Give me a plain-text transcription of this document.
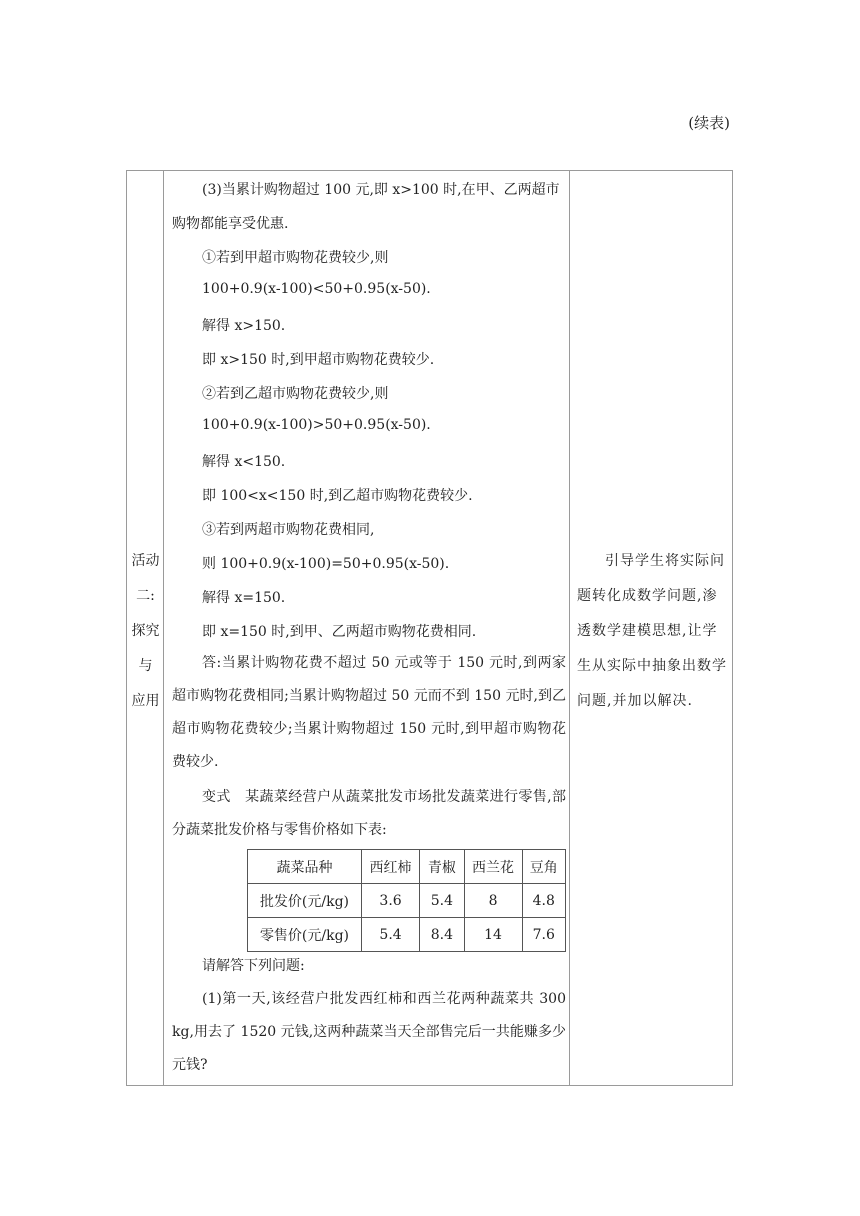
(续表)
活动
二:
探究
与
应用
(3)当累计购物超过 100 元,即 x>100 时,在甲、乙两超市
购物都能享受优惠.
①若到甲超市购物花费较少,则
100+0.9(x-100)<50+0.95(x-50).
解得 x>150.
即 x>150 时,到甲超市购物花费较少.
②若到乙超市购物花费较少,则
100+0.9(x-100)>50+0.95(x-50).
解得 x<150.
即 100<x<150 时,到乙超市购物花费较少.
③若到两超市购物花费相同,
则 100+0.9(x-100)=50+0.95(x-50).
解得 x=150.
即 x=150 时,到甲、乙两超市购物花费相同.
答:当累计购物花费不超过 50 元或等于 150 元时,到两家超市购物花费相同;当累计购物超过 50 元而不到 150 元时,到乙超市购物花费较少;当累计购物超过 150 元时,到甲超市购物花费较少.
变式　某蔬菜经营户从蔬菜批发市场批发蔬菜进行零售,部分蔬菜批发价格与零售价格如下表:
蔬菜品种	西红柿	青椒	西兰花	豆角
批发价(元/kg)	3.6	5.4	8	4.8
零售价(元/kg)	5.4	8.4	14	7.6
请解答下列问题:
(1)第一天,该经营户批发西红柿和西兰花两种蔬菜共 300 kg,用去了 1520 元钱,这两种蔬菜当天全部售完后一共能赚多少元钱?
引导学生将实际问题转化成数学问题,渗透数学建模思想,让学生从实际中抽象出数学问题,并加以解决.
